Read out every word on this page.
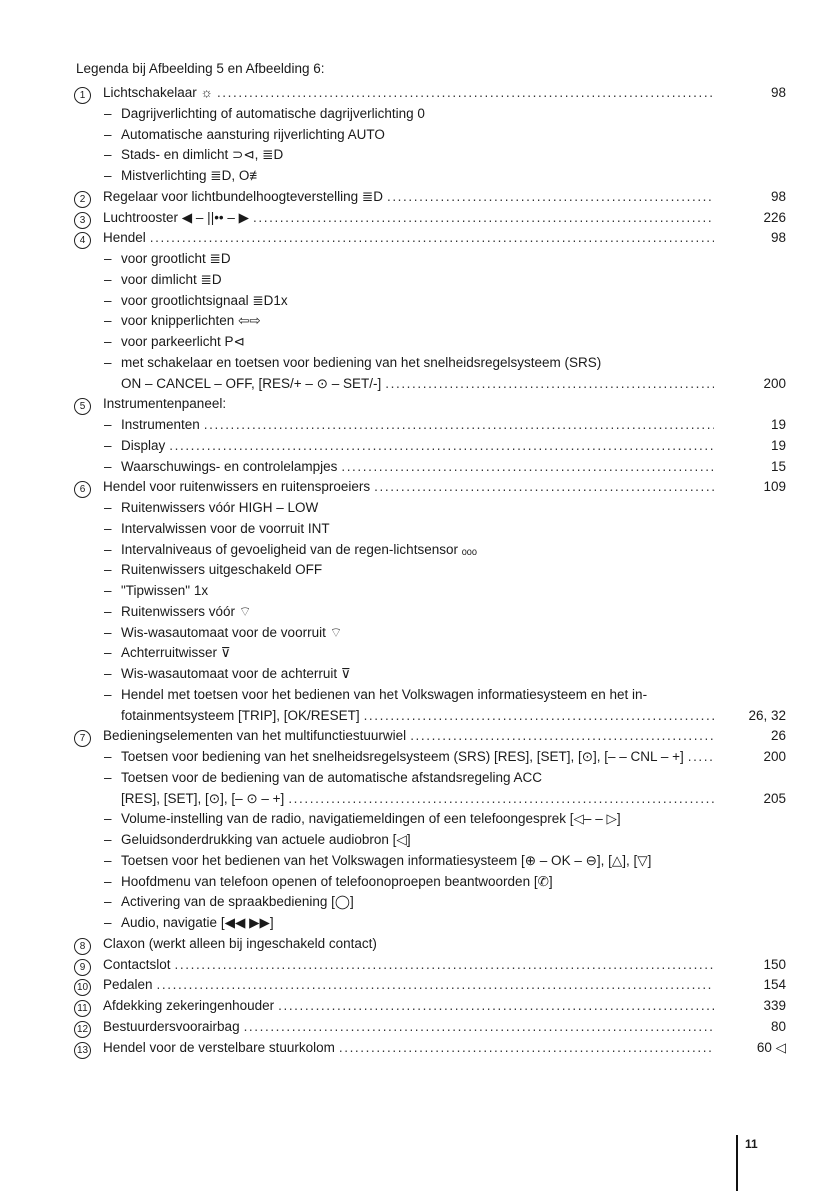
Legenda bij Afbeelding 5 en Afbeelding 6:
1	Lichtschakelaar ☼ .....	98
– Dagrijverlichting of automatische dagrijverlichting 0
– Automatische aansturing rijverlichting AUTO
– Stads- en dimlicht ⊃⊲, ≣D
– Mistverlichting ≣D, O≢
2	Regelaar voor lichtbundelhoogteverstelling ≣D .....	98
3	Luchtrooster ◀ – ||•• – ▶ .....	226
4	Hendel .....	98
– voor grootlicht ≣D
– voor dimlicht ≣D
– voor grootlichtsignaal ≣D1x
– voor knipperlichten ⇦⇨
– voor parkeerlicht P⊲
– met schakelaar en toetsen voor bediening van het snelheidsregelsysteem (SRS)
ON – CANCEL – OFF, [RES/+ – ⊙ – SET/-] .....	200
5	Instrumentenpaneel:
– Instrumenten .....	19
– Display .....	19
– Waarschuwings- en controlelampjes .....	15
6	Hendel voor ruitenwissers en ruitensproeiers .....	109
– Ruitenwissers vóór HIGH – LOW
– Intervalwissen voor de voorruit INT
– Intervalniveaus of gevoeligheid van de regen-lichtsensor ₒₒₒ
– Ruitenwissers uitgeschakeld OFF
– "Tipwissen" 1x
– Ruitenwissers vóór ⌔
– Wis-wasautomaat voor de voorruit ⌔
– Achterruitwisser ⊽
– Wis-wasautomaat voor de achterruit ⊽
– Hendel met toetsen voor het bedienen van het Volkswagen informatiesysteem en het in-
fotainmentsysteem [TRIP], [OK/RESET] .....	26, 32
7	Bedieningselementen van het multifunctiestuurwiel .....	26
– Toetsen voor bediening van het snelheidsregelsysteem (SRS) [RES], [SET], [⊙], [– – CNL – +] .....	200
– Toetsen voor de bediening van de automatische afstandsregeling ACC
[RES], [SET], [⊙], [– ⊙ – +] .....	205
– Volume-instelling van de radio, navigatiemeldingen of een telefoongesprek [◁– – ▷]
– Geluidsonderdrukking van actuele audiobron [◁]
– Toetsen voor het bedienen van het Volkswagen informatiesysteem [⊕ – OK – ⊖], [△], [▽]
– Hoofdmenu van telefoon openen of telefoonoproepen beantwoorden [✆]
– Activering van de spraakbediening [◯]
– Audio, navigatie [◀◀ ▶▶]
8	Claxon (werkt alleen bij ingeschakeld contact)
9	Contactslot .....	150
10	Pedalen .....	154
11	Afdekking zekeringenhouder .....	339
12	Bestuurdersvoorairbag .....	80
13	Hendel voor de verstelbare stuurkolom .....	60 ◁
11
